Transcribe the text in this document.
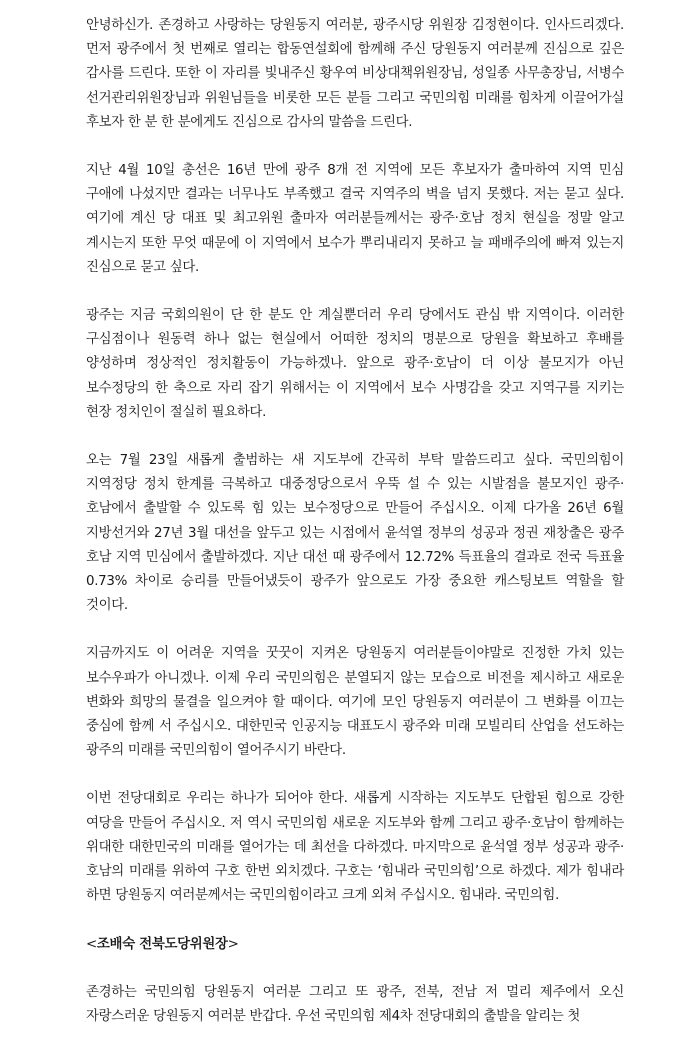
안녕하신가. 존경하고 사랑하는 당원동지 여러분, 광주시당 위원장 김정현이다. 인사드리겠다. 먼저 광주에서 첫 번째로 열리는 합동연설회에 함께해 주신 당원동지 여러분께 진심으로 깊은 감사를 드린다. 또한 이 자리를 빛내주신 황우여 비상대책위원장님, 성일종 사무총장님, 서병수 선거관리위원장님과 위원님들을 비롯한 모든 분들 그리고 국민의힘 미래를 힘차게 이끌어가실 후보자 한 분 한 분에게도 진심으로 감사의 말씀을 드린다.

지난 4월 10일 총선은 16년 만에 광주 8개 전 지역에 모든 후보자가 출마하여 지역 민심 구애에 나섰지만 결과는 너무나도 부족했고 결국 지역주의 벽을 넘지 못했다. 저는 묻고 싶다. 여기에 계신 당 대표 및 최고위원 출마자 여러분들께서는 광주·호남 정치 현실을 정말 알고 계시는지 또한 무엇 때문에 이 지역에서 보수가 뿌리내리지 못하고 늘 패배주의에 빠져 있는지 진심으로 묻고 싶다.

광주는 지금 국회의원이 단 한 분도 안 계실뿐더러 우리 당에서도 관심 밖 지역이다. 이러한 구심점이나 원동력 하나 없는 현실에서 어떠한 정치의 명분으로 당원을 확보하고 후배를 양성하며 정상적인 정치활동이 가능하겠나. 앞으로 광주·호남이 더 이상 불모지가 아닌 보수정당의 한 축으로 자리 잡기 위해서는 이 지역에서 보수 사명감을 갖고 지역구를 지키는 현장 정치인이 절실히 필요하다.

오는 7월 23일 새롭게 출범하는 새 지도부에 간곡히 부탁 말씀드리고 싶다. 국민의힘이 지역정당 정치 한계를 극복하고 대중정당으로서 우뚝 설 수 있는 시발점을 불모지인 광주·호남에서 출발할 수 있도록 힘 있는 보수정당으로 만들어 주십시오. 이제 다가올 26년 6월 지방선거와 27년 3월 대선을 앞두고 있는 시점에서 윤석열 정부의 성공과 정권 재창출은 광주 호남 지역 민심에서 출발하겠다. 지난 대선 때 광주에서 12.72% 득표율의 결과로 전국 득표율 0.73% 차이로 승리를 만들어냈듯이 광주가 앞으로도 가장 중요한 캐스팅보트 역할을 할 것이다.

지금까지도 이 어려운 지역을 꿋꿋이 지켜온 당원동지 여러분들이야말로 진정한 가치 있는 보수우파가 아니겠나. 이제 우리 국민의힘은 분열되지 않는 모습으로 비전을 제시하고 새로운 변화와 희망의 물결을 일으켜야 할 때이다. 여기에 모인 당원동지 여러분이 그 변화를 이끄는 중심에 함께 서 주십시오. 대한민국 인공지능 대표도시 광주와 미래 모빌리티 산업을 선도하는 광주의 미래를 국민의힘이 열어주시기 바란다.

이번 전당대회로 우리는 하나가 되어야 한다. 새롭게 시작하는 지도부도 단합된 힘으로 강한 여당을 만들어 주십시오. 저 역시 국민의힘 새로운 지도부와 함께 그리고 광주·호남이 함께하는 위대한 대한민국의 미래를 열어가는 데 최선을 다하겠다. 마지막으로 윤석열 정부 성공과 광주·호남의 미래를 위하여 구호 한번 외치겠다. 구호는 ‘힘내라 국민의힘’으로 하겠다. 제가 힘내라 하면 당원동지 여러분께서는 국민의힘이라고 크게 외쳐 주십시오. 힘내라. 국민의힘.

<조배숙 전북도당위원장>

존경하는 국민의힘 당원동지 여러분 그리고 또 광주, 전북, 전남 저 멀리 제주에서 오신 자랑스러운 당원동지 여러분 반갑다. 우선 국민의힘 제4차 전당대회의 출발을 알리는 첫
